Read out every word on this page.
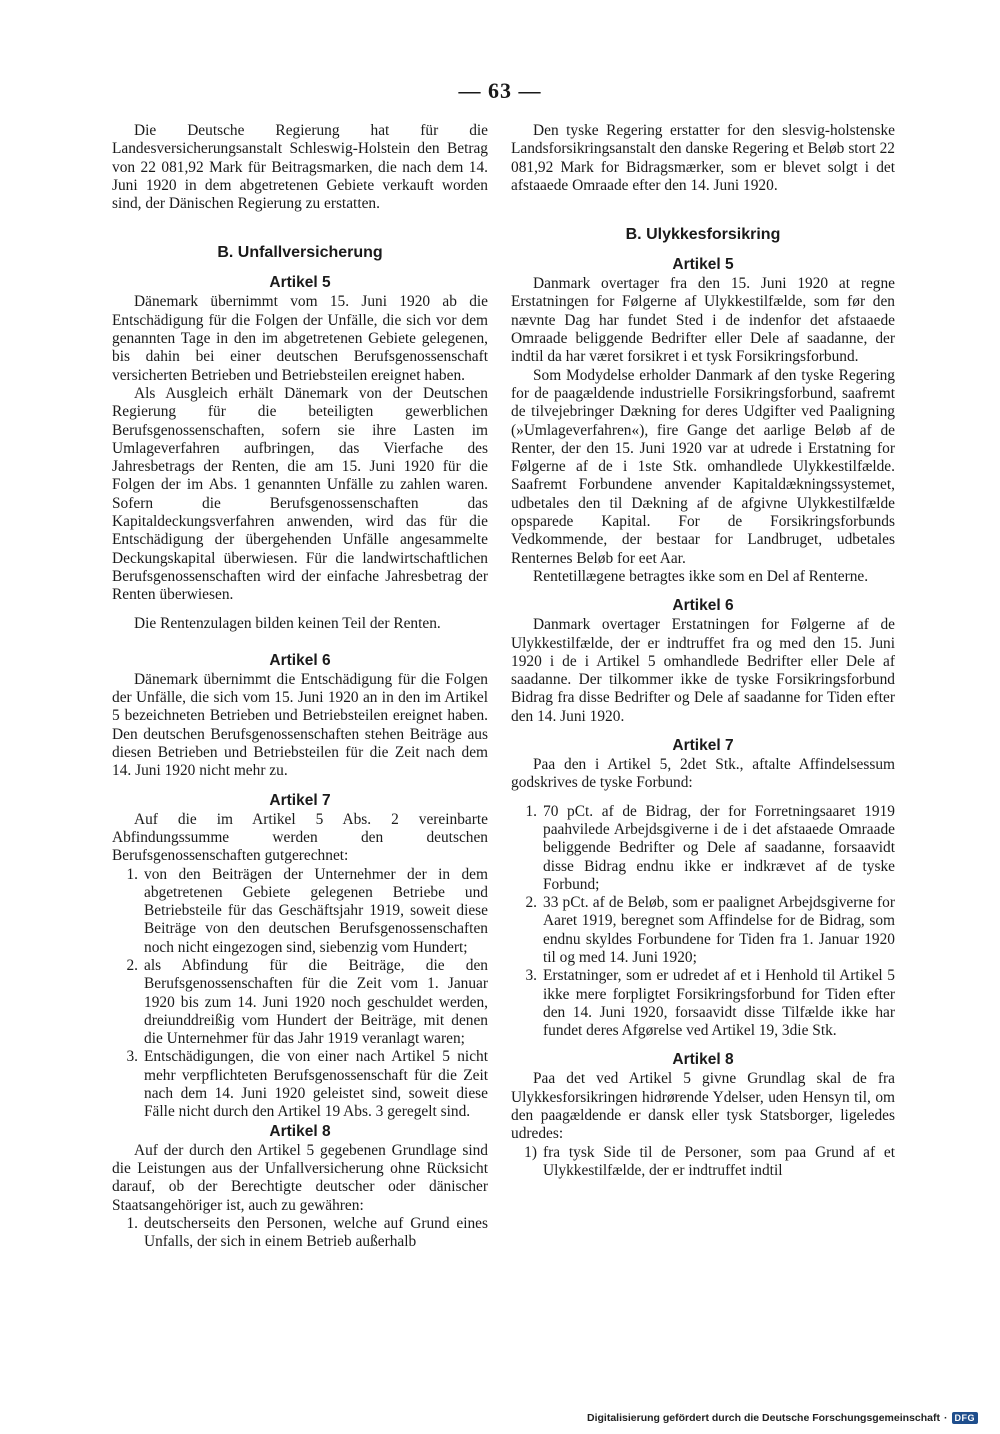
— 63 —

Die Deutsche Regierung hat für die Landesversicherungsanstalt Schleswig-Holstein den Betrag von 22 081,92 Mark für Beitragsmarken, die nach dem 14. Juni 1920 in dem abgetretenen Gebiete verkauft worden sind, der Dänischen Regierung zu erstatten.

B. Unfallversicherung
Artikel 5

Dänemark übernimmt vom 15. Juni 1920 ab die Entschädigung für die Folgen der Unfälle, die sich vor dem genannten Tage in den im abgetretenen Gebiete gelegenen, bis dahin bei einer deutschen Berufsgenossenschaft versicherten Betrieben und Betriebsteilen ereignet haben.

Als Ausgleich erhält Dänemark von der Deutschen Regierung für die beteiligten gewerblichen Berufsgenossenschaften, sofern sie ihre Lasten im Umlageverfahren aufbringen, das Vierfache des Jahresbetrags der Renten, die am 15. Juni 1920 für die Folgen der im Abs. 1 genannten Unfälle zu zahlen waren. Sofern die Berufsgenossenschaften das Kapitaldeckungsverfahren anwenden, wird das für die Entschädigung der übergehenden Unfälle angesammelte Deckungskapital überwiesen. Für die landwirtschaftlichen Berufsgenossenschaften wird der einfache Jahresbetrag der Renten überwiesen.

Die Rentenzulagen bilden keinen Teil der Renten.

Artikel 6

Dänemark übernimmt die Entschädigung für die Folgen der Unfälle, die sich vom 15. Juni 1920 an in den im Artikel 5 bezeichneten Betrieben und Betriebsteilen ereignet haben. Den deutschen Berufsgenossenschaften stehen Beiträge aus diesen Betrieben und Betriebsteilen für die Zeit nach dem 14. Juni 1920 nicht mehr zu.

Artikel 7

Auf die im Artikel 5 Abs. 2 vereinbarte Abfindungssumme werden den deutschen Berufsgenossenschaften gutgerechnet:

1. von den Beiträgen der Unternehmer der in dem abgetretenen Gebiete gelegenen Betriebe und Betriebsteile für das Geschäftsjahr 1919, soweit diese Beiträge von den deutschen Berufsgenossenschaften noch nicht eingezogen sind, siebenzig vom Hundert;
2. als Abfindung für die Beiträge, die den Berufsgenossenschaften für die Zeit vom 1. Januar 1920 bis zum 14. Juni 1920 noch geschuldet werden, dreiunddreißig vom Hundert der Beiträge, mit denen die Unternehmer für das Jahr 1919 veranlagt waren;
3. Entschädigungen, die von einer nach Artikel 5 nicht mehr verpflichteten Berufsgenossenschaft für die Zeit nach dem 14. Juni 1920 geleistet sind, soweit diese Fälle nicht durch den Artikel 19 Abs. 3 geregelt sind.
Artikel 8

Auf der durch den Artikel 5 gegebenen Grundlage sind die Leistungen aus der Unfallversicherung ohne Rücksicht darauf, ob der Berechtigte deutscher oder dänischer Staatsangehöriger ist, auch zu gewähren:

1. deutscherseits den Personen, welche auf Grund eines Unfalls, der sich in einem Betrieb außerhalb

Den tyske Regering erstatter for den slesvig-holstenske Landsforsikringsanstalt den danske Regering et Beløb stort 22 081,92 Mark for Bidragsmærker, som er blevet solgt i det afstaaede Omraade efter den 14. Juni 1920.

B. Ulykkesforsikring
Artikel 5

Danmark overtager fra den 15. Juni 1920 at regne Erstatningen for Følgerne af Ulykkestilfælde, som før den nævnte Dag har fundet Sted i de indenfor det afstaaede Omraade beliggende Bedrifter eller Dele af saadanne, der indtil da har været forsikret i et tysk Forsikringsforbund.

Som Modydelse erholder Danmark af den tyske Regering for de paagældende industrielle Forsikringsforbund, saafremt de tilvejebringer Dækning for deres Udgifter ved Paaligning (»Umlageverfahren«), fire Gange det aarlige Beløb af de Renter, der den 15. Juni 1920 var at udrede i Erstatning for Følgerne af de i 1ste Stk. omhandlede Ulykkestilfælde. Saafremt Forbundene anvender Kapitaldækningssystemet, udbetales den til Dækning af de afgivne Ulykkestilfælde opsparede Kapital. For de Forsikringsforbunds Vedkommende, der bestaar for Landbruget, udbetales Renternes Beløb for eet Aar.

Rentetillægene betragtes ikke som en Del af Renterne.

Artikel 6

Danmark overtager Erstatningen for Følgerne af de Ulykkestilfælde, der er indtruffet fra og med den 15. Juni 1920 i de i Artikel 5 omhandlede Bedrifter eller Dele af saadanne. Der tilkommer ikke de tyske Forsikringsforbund Bidrag fra disse Bedrifter og Dele af saadanne for Tiden efter den 14. Juni 1920.

Artikel 7

Paa den i Artikel 5, 2det Stk., aftalte Affindelsessum godskrives de tyske Forbund:

1. 70 pCt. af de Bidrag, der for Forretningsaaret 1919 paahvilede Arbejdsgiverne i de i det afstaaede Omraade beliggende Bedrifter og Dele af saadanne, forsaavidt disse Bidrag endnu ikke er indkrævet af de tyske Forbund;
2. 33 pCt. af de Beløb, som er paalignet Arbejdsgiverne for Aaret 1919, beregnet som Affindelse for de Bidrag, som endnu skyldes Forbundene for Tiden fra 1. Januar 1920 til og med 14. Juni 1920;
3. Erstatninger, som er udredet af et i Henhold til Artikel 5 ikke mere forpligtet Forsikringsforbund for Tiden efter den 14. Juni 1920, forsaavidt disse Tilfælde ikke har fundet deres Afgørelse ved Artikel 19, 3die Stk.
Artikel 8

Paa det ved Artikel 5 givne Grundlag skal de fra Ulykkesforsikringen hidrørende Ydelser, uden Hensyn til, om den paagældende er dansk eller tysk Statsborger, ligeledes udredes:

1) fra tysk Side til de Personer, som paa Grund af et Ulykkestilfælde, der er indtruffet indtil
Digitalisierung gefördert durch die Deutsche Forschungsgemeinschaft · DFG
